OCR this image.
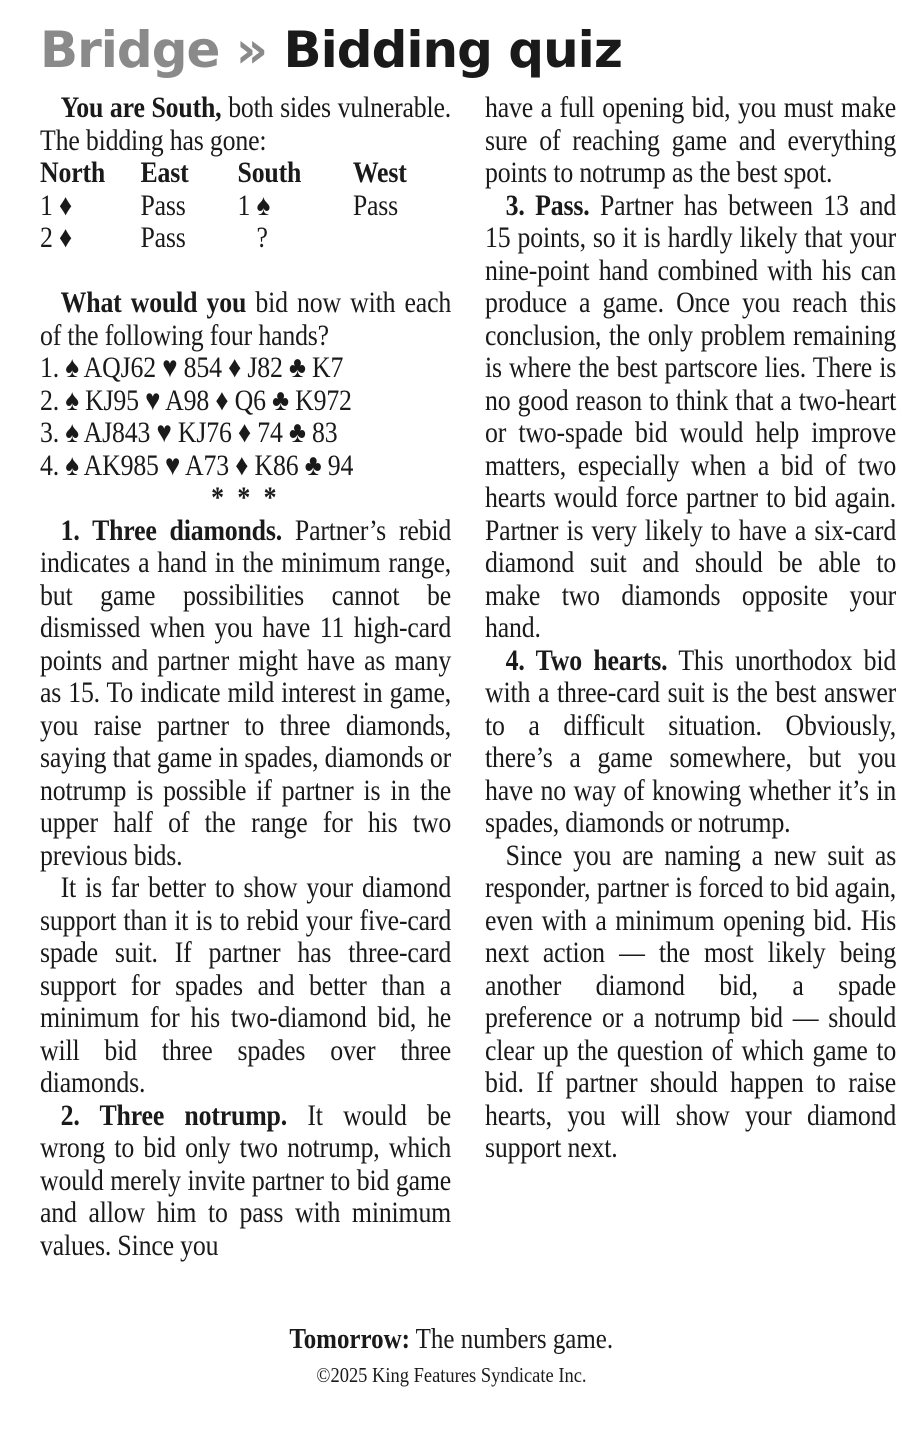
Bridge » Bidding quiz

You are South, both sides vulnerable. The bidding has gone:

North	East	South	West
1 ♦	Pass	1 ♠	Pass
2 ♦	Pass	?	

What would you bid now with each of the following four hands?

1. ♠ AQJ62 ♥ 854 ♦ J82 ♣ K7

2. ♠ KJ95 ♥ A98 ♦ Q6 ♣ K972

3. ♠ AJ843 ♥ KJ76 ♦ 74 ♣ 83

4. ♠ AK985 ♥ A73 ♦ K86 ♣ 94

* * *

1. Three diamonds. Partner’s rebid indicates a hand in the minimum range, but game possibilities cannot be dismissed when you have 11 high-card points and partner might have as many as 15. To indicate mild interest in game, you raise partner to three diamonds, saying that game in spades, diamonds or notrump is possible if partner is in the upper half of the range for his two previous bids.

It is far better to show your diamond support than it is to rebid your five-card spade suit. If partner has three-card support for spades and better than a minimum for his two-diamond bid, he will bid three spades over three diamonds.

2. Three notrump. It would be wrong to bid only two notrump, which would merely invite partner to bid game and allow him to pass with minimum values. Since you

have a full opening bid, you must make sure of reaching game and everything points to notrump as the best spot.

3. Pass. Partner has between 13 and 15 points, so it is hardly likely that your nine-point hand combined with his can produce a game. Once you reach this conclusion, the only problem remaining is where the best partscore lies. There is no good reason to think that a two-heart or two-spade bid would help improve matters, especially when a bid of two hearts would force partner to bid again. Partner is very likely to have a six-card diamond suit and should be able to make two diamonds opposite your hand.

4. Two hearts. This unorthodox bid with a three-card suit is the best answer to a difficult situation. Obviously, there’s a game somewhere, but you have no way of knowing whether it’s in spades, diamonds or notrump.

Since you are naming a new suit as responder, partner is forced to bid again, even with a minimum opening bid. His next action — the most likely being another diamond bid, a spade preference or a notrump bid — should clear up the question of which game to bid. If partner should happen to raise hearts, you will show your diamond support next.

Tomorrow: The numbers game.
©2025 King Features Syndicate Inc.
